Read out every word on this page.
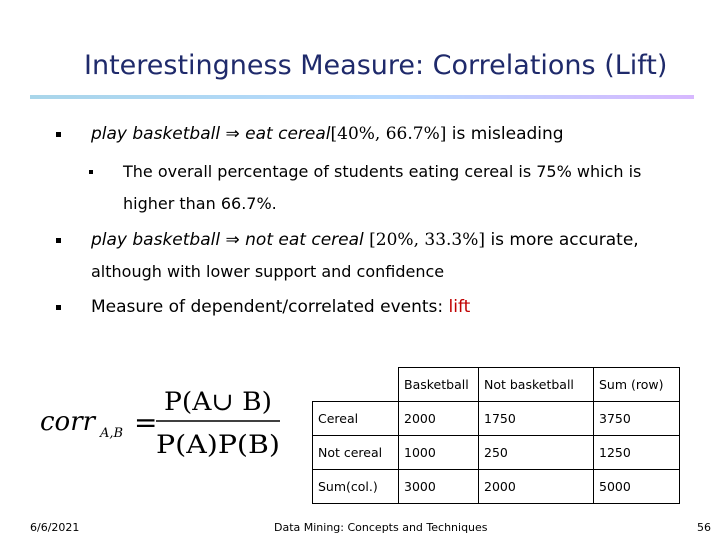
Interestingness Measure: Correlations (Lift)
play basketball ⇒ eat cereal[40%, 66.7%] is misleading
The overall percentage of students eating cereal is 75% which is
higher than 66.7%.
play basketball ⇒ not eat cereal [20%, 33.3%] is more accurate,
although with lower support and confidence
Measure of dependent/correlated events: lift
corr A,B =
P(A∪ B)
P(A)P(B)
	Basketball	Not basketball	Sum (row)
Cereal	2000	1750	3750
Not cereal	1000	250	1250
Sum(col.)	3000	2000	5000
6/6/2021	Data Mining: Concepts and Techniques	56
